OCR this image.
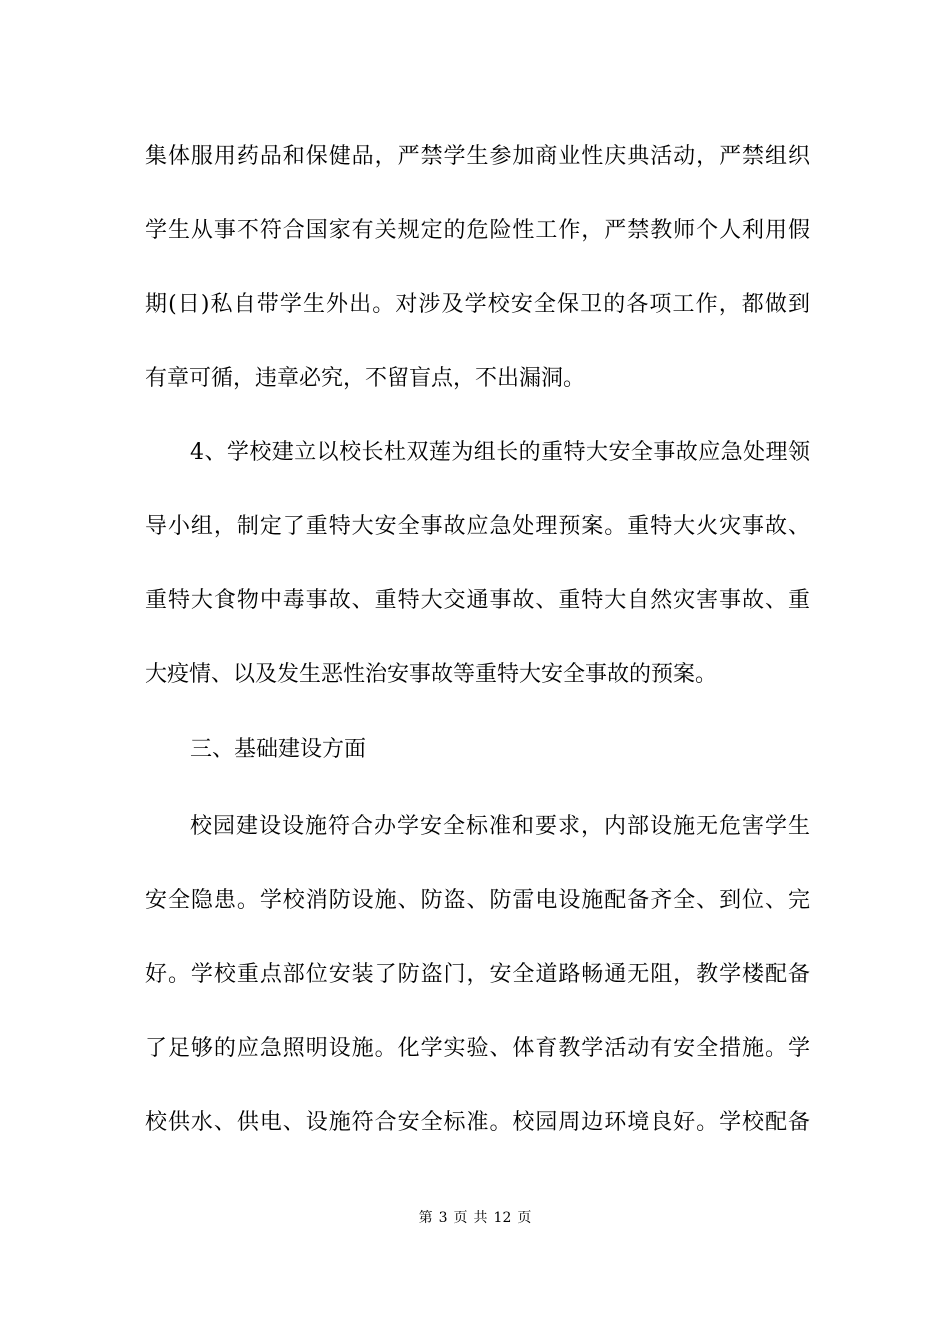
集体服用药品和保健品，严禁学生参加商业性庆典活动，严禁组织
学生从事不符合国家有关规定的危险性工作，严禁教师个人利用假
期(日)私自带学生外出。对涉及学校安全保卫的各项工作，都做到
有章可循，违章必究，不留盲点，不出漏洞。
4、学校建立以校长杜双莲为组长的重特大安全事故应急处理领
导小组，制定了重特大安全事故应急处理预案。重特大火灾事故、
重特大食物中毒事故、重特大交通事故、重特大自然灾害事故、重
大疫情、以及发生恶性治安事故等重特大安全事故的预案。
三、基础建设方面
校园建设设施符合办学安全标准和要求，内部设施无危害学生
安全隐患。学校消防设施、防盗、防雷电设施配备齐全、到位、完
好。学校重点部位安装了防盗门，安全道路畅通无阻，教学楼配备
了足够的应急照明设施。化学实验、体育教学活动有安全措施。学
校供水、供电、设施符合安全标准。校园周边环境良好。学校配备
第 3 页 共 12 页
